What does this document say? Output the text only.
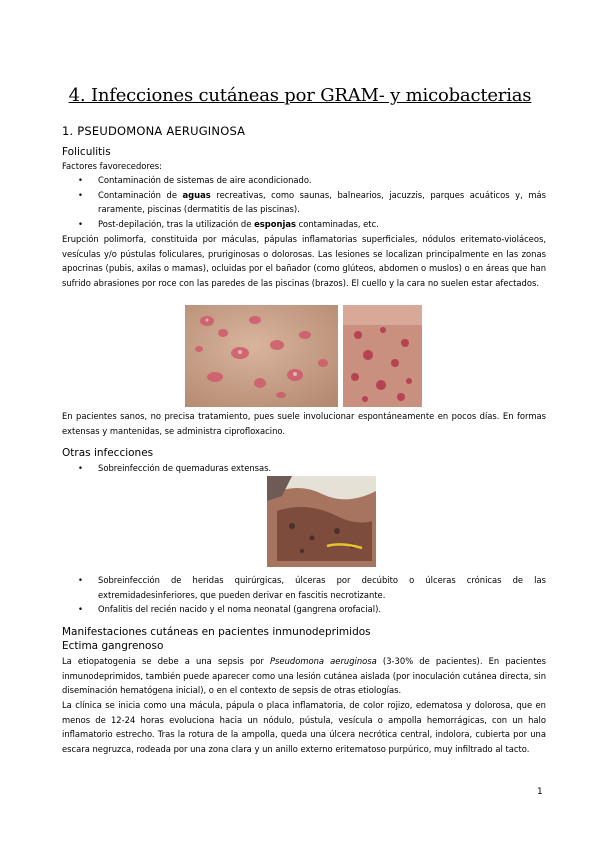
4. Infecciones cutáneas por GRAM- y micobacterias
1. PSEUDOMONA AERUGINOSA
Foliculitis
Factores favorecedores:
• Contaminación de sistemas de aire acondicionado.
• Contaminación de aguas recreativas, como saunas, balnearios, jacuzzis, parques acuáticos y, más raramente, piscinas (dermatitis de las piscinas).
• Post-depilación, tras la utilización de esponjas contaminadas, etc.
Erupción polimorfa, constituida por máculas, pápulas inflamatorias superficiales, nódulos eritemato-violáceos, vesículas y/o pústulas foliculares, pruriginosas o dolorosas. Las lesiones se localizan principalmente en las zonas apocrinas (pubis, axilas o mamas), ocluidas por el bañador (como glúteos, abdomen o muslos) o en áreas que han sufrido abrasiones por roce con las paredes de las piscinas (brazos). El cuello y la cara no suelen estar afectados.
En pacientes sanos, no precisa tratamiento, pues suele involucionar espontáneamente en pocos días. En formas extensas y mantenidas, se administra ciprofloxacino.
Otras infecciones
• Sobreinfección de quemaduras extensas.
• Sobreinfección de heridas quirúrgicas, úlceras por decúbito o úlceras crónicas de las extremidadesinferiores, que pueden derivar en fascitis necrotizante.
• Onfalitis del recién nacido y el noma neonatal (gangrena orofacial).
Manifestaciones cutáneas en pacientes inmunodeprimidos
Ectima gangrenoso
La etiopatogenia se debe a una sepsis por Pseudomona aeruginosa (3-30% de pacientes). En pacientes inmunodeprimidos, también puede aparecer como una lesión cutánea aislada (por inoculación cutánea directa, sin diseminación hematógena inicial), o en el contexto de sepsis de otras etiologías.
La clínica se inicia como una mácula, pápula o placa inflamatoria, de color rojizo, edematosa y dolorosa, que en menos de 12-24 horas evoluciona hacia un nódulo, pústula, vesícula o ampolla hemorrágicas, con un halo inflamatorio estrecho. Tras la rotura de la ampolla, queda una úlcera necrótica central, indolora, cubierta por una escara negruzca, rodeada por una zona clara y un anillo externo eritematoso purpúrico, muy infiltrado al tacto.
1
